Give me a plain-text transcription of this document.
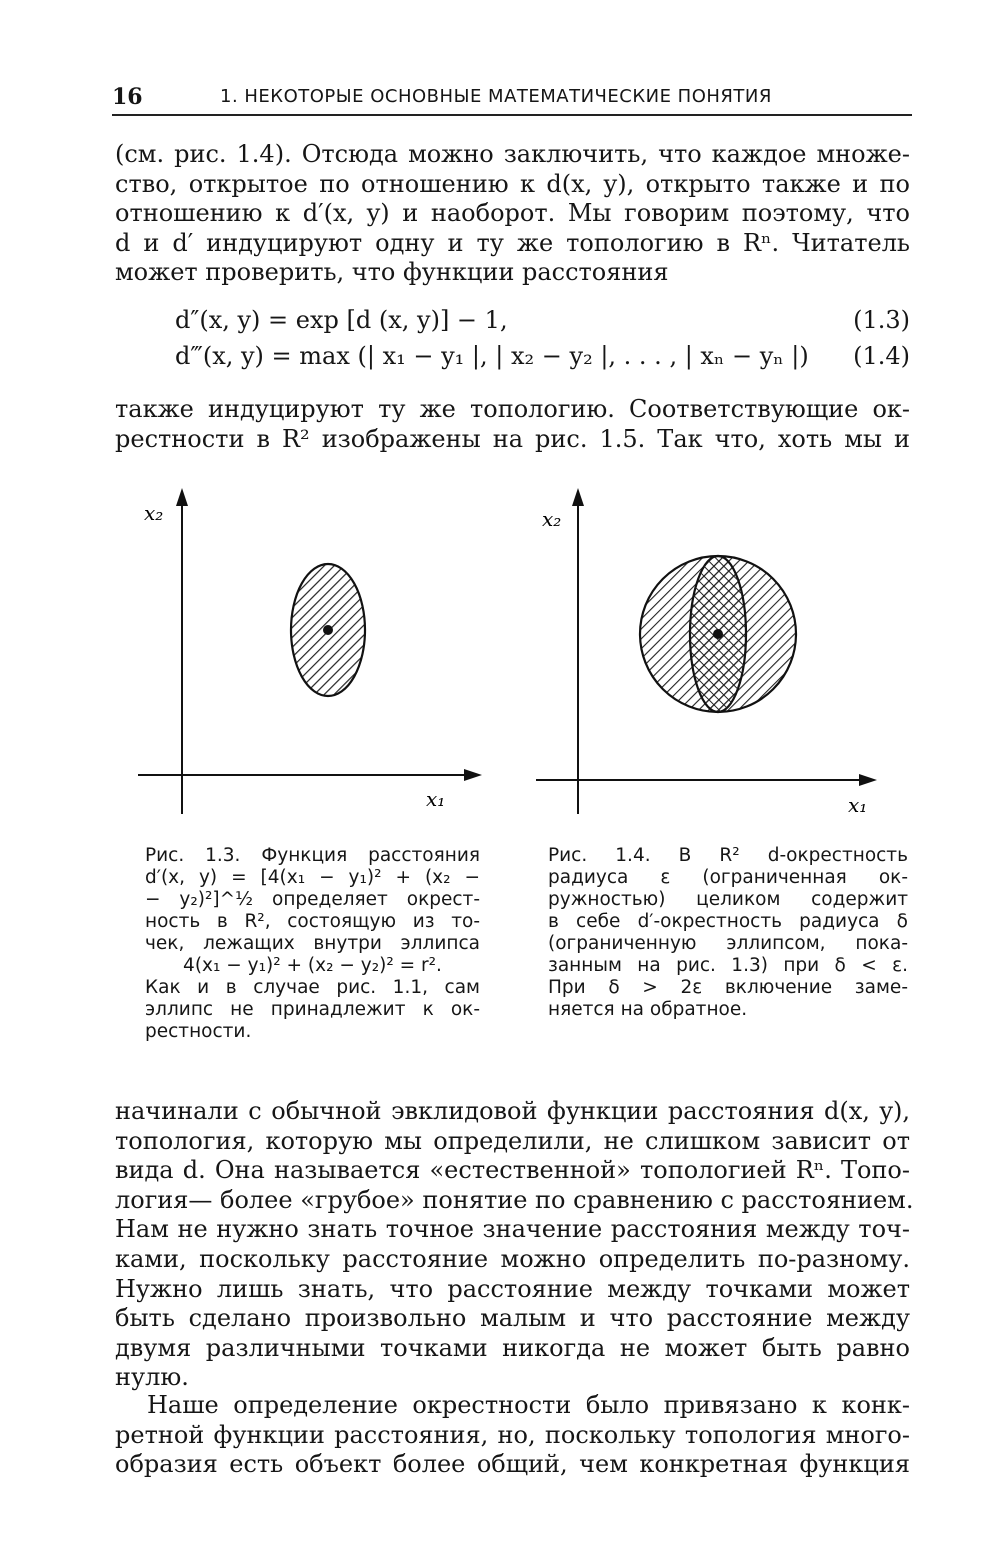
16	1. НЕКОТОРЫЕ ОСНОВНЫЕ МАТЕМАТИЧЕСКИЕ ПОНЯТИЯ
(см. рис. 1.4). Отсюда можно заключить, что каждое множе-
ство, открытое по отношению к d(x, y), открыто также и по
отношению к d′(x, y) и наоборот. Мы говорим поэтому, что
d и d′ индуцируют одну и ту же топологию в Rⁿ. Читатель
может проверить, что функции расстояния
d″(x, y) = exp [d (x, y)] − 1,	(1.3)
d‴(x, y) = max (| x₁ − y₁ |, | x₂ − y₂ |, . . . , | xₙ − yₙ |) (1.4)
также индуцируют ту же топологию. Соответствующие ок-
рестности в R² изображены на рис. 1.5. Так что, хоть мы и
x₂
x₁
x₂
x₁
Рис. 1.3. Функция расстояния
d′(x, y) = [4(x₁ − y₁)² + (x₂ −
− y₂)²]^½ определяет окрест-
ность в R², состоящую из то-
чек, лежащих внутри эллипса
4(x₁ − y₁)² + (x₂ − y₂)² = r².
Как и в случае рис. 1.1, сам
эллипс не принадлежит к ок-
рестности.
Рис. 1.4. В R² d-окрестность
радиуса ε (ограниченная ок-
ружностью) целиком содержит
в себе d′-окрестность радиуса δ
(ограниченную эллипсом, пока-
занным на рис. 1.3) при δ < ε.
При δ > 2ε включение заме-
няется на обратное.
начинали с обычной эвклидовой функции расстояния d(x, y),
топология, которую мы определили, не слишком зависит от
вида d. Она называется «естественной» топологией Rⁿ. Топо-
логия— более «грубое» понятие по сравнению с расстоянием.
Нам не нужно знать точное значение расстояния между точ-
ками, поскольку расстояние можно определить по-разному.
Нужно лишь знать, что расстояние между точками может
быть сделано произвольно малым и что расстояние между
двумя различными точками никогда не может быть равно
нулю.
Наше определение окрестности было привязано к конк-
ретной функции расстояния, но, поскольку топология много-
образия есть объект более общий, чем конкретная функция
